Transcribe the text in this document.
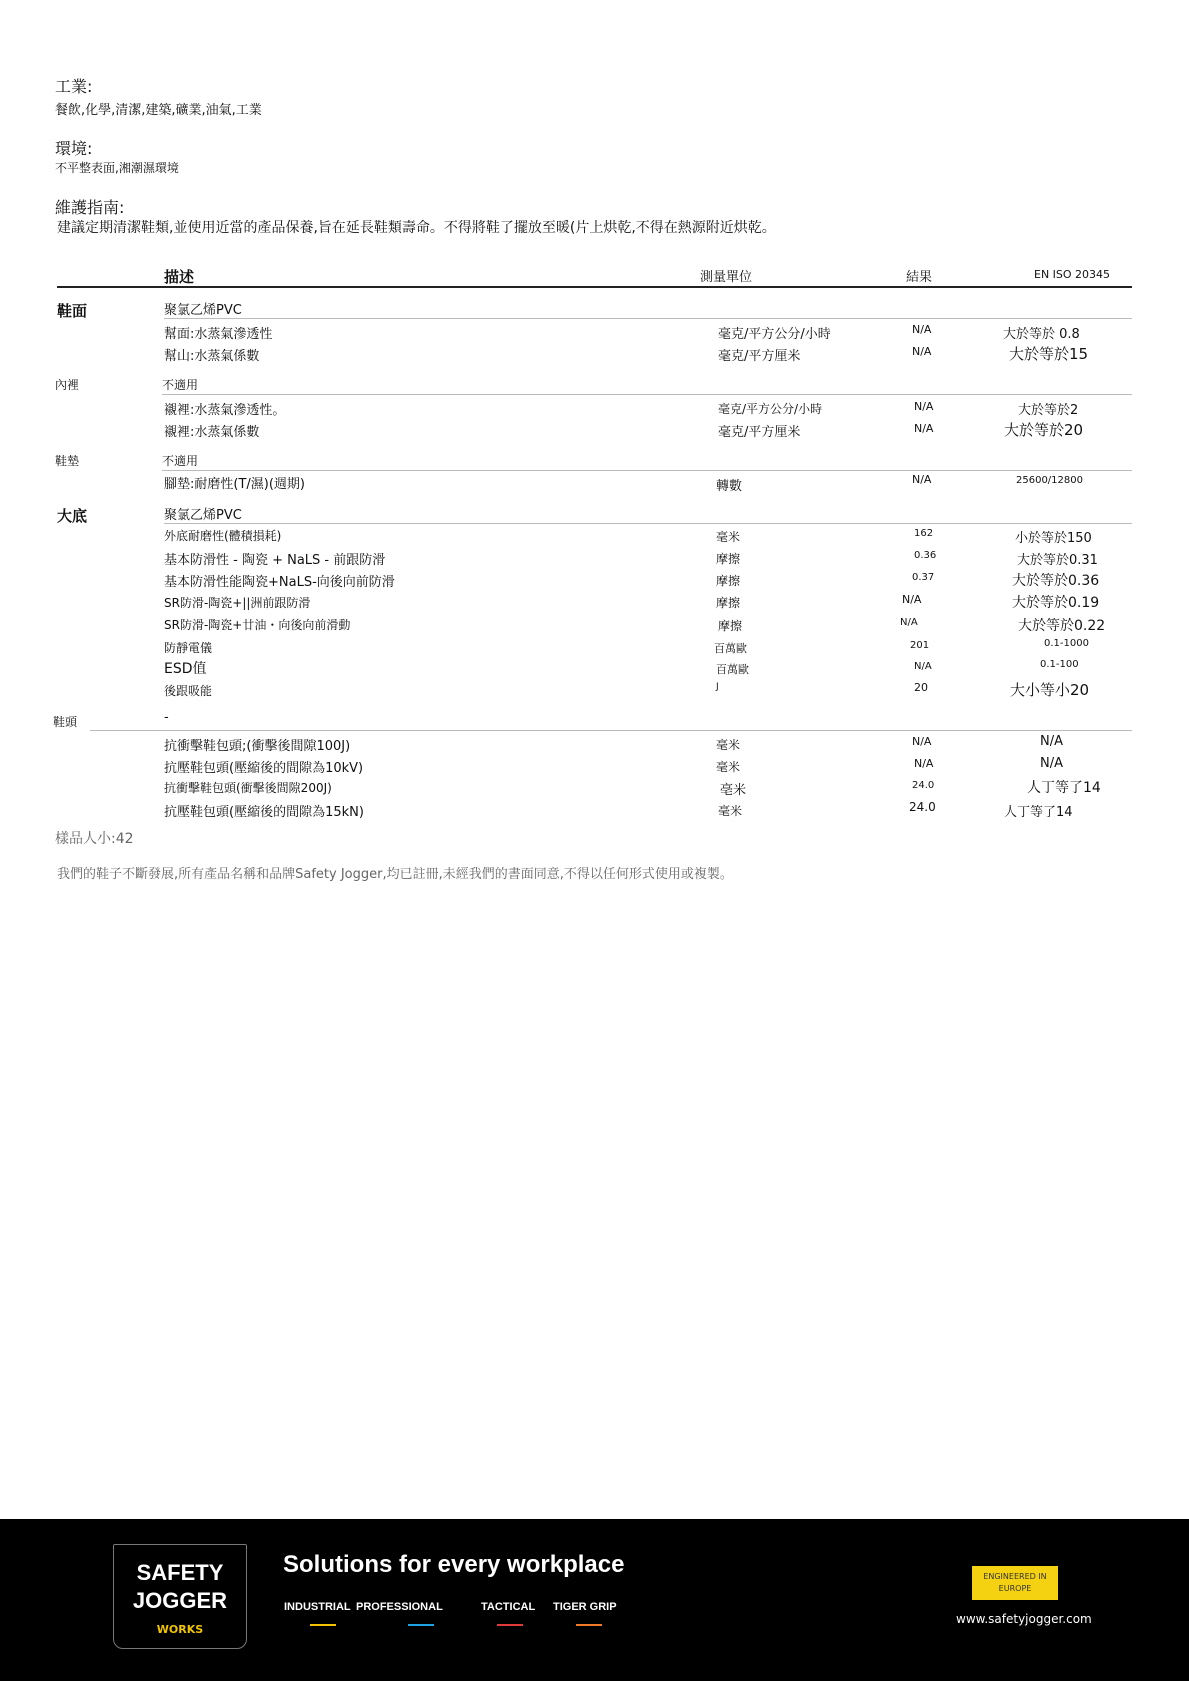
工業:
餐飲,化學,清潔,建築,礦業,油氣,工業
環境:
不平整表面,湘潮濕環境
維護指南:
建議定期清潔鞋類,並使用近當的產品保養,旨在延長鞋類壽命。不得將鞋了擺放至暖(片上烘乾,不得在熱源附近烘乾。
描述	測量單位	結果	EN ISO 20345
鞋面	聚氯乙烯PVC
幫面:水蒸氣滲透性	毫克/平方公分/小時	N/A	大於等於 0.8
幫山:水蒸氣係數	毫克/平方厘米	N/A	大於等於15
內裡	不適用
襯裡:水蒸氣滲透性。	毫克/平方公分/小時	N/A	大於等於2
襯裡:水蒸氣係數	毫克/平方厘米	N/A	大於等於20
鞋墊	不適用
腳墊:耐磨性(T/濕)(週期)	轉數	N/A	25600/12800
大底	聚氯乙烯PVC
外底耐磨性(體積損耗)	毫米	162	小於等於150
基本防滑性 - 陶瓷 + NaLS - 前跟防滑	摩擦	0.36	大於等於0.31
基本防滑性能陶瓷+NaLS-向後向前防滑	摩擦	0.37	大於等於0.36
SR防滑-陶瓷+||洲前跟防滑	摩擦	N/A	大於等於0.19
SR防滑-陶瓷+廿油・向後向前滑動	摩擦	N/A	大於等於0.22
防靜電儀	百萬歐	201	0.1-1000
ESD值	百萬歐	N/A	0.1-100
後跟吸能	J	20	大小等小20
鞋頭	-
抗衝擊鞋包頭;(衝擊後間隙100J)	毫米	N/A	N/A
抗壓鞋包頭(壓縮後的間隙為10kV)	毫米	N/A	N/A
抗衝擊鞋包頭(衝擊後間隙200J)	亳米	24.0	人丁等了14
抗壓鞋包頭(壓縮後的間隙為15kN)	毫米	24.0	人丁等了14
樣品人小:42
我們的鞋子不斷發展,所有產品名稱和品牌Safety Jogger,均已註冊,未經我們的書面同意,不得以任何形式使用或複製。
SAFETY
JOGGER
WORKS
Solutions for every workplace
INDUSTRIAL PROFESSIONAL	TACTICAL TIGER GRIP
ENGINEERED IN
EUROPE
www.safetyjogger.com
